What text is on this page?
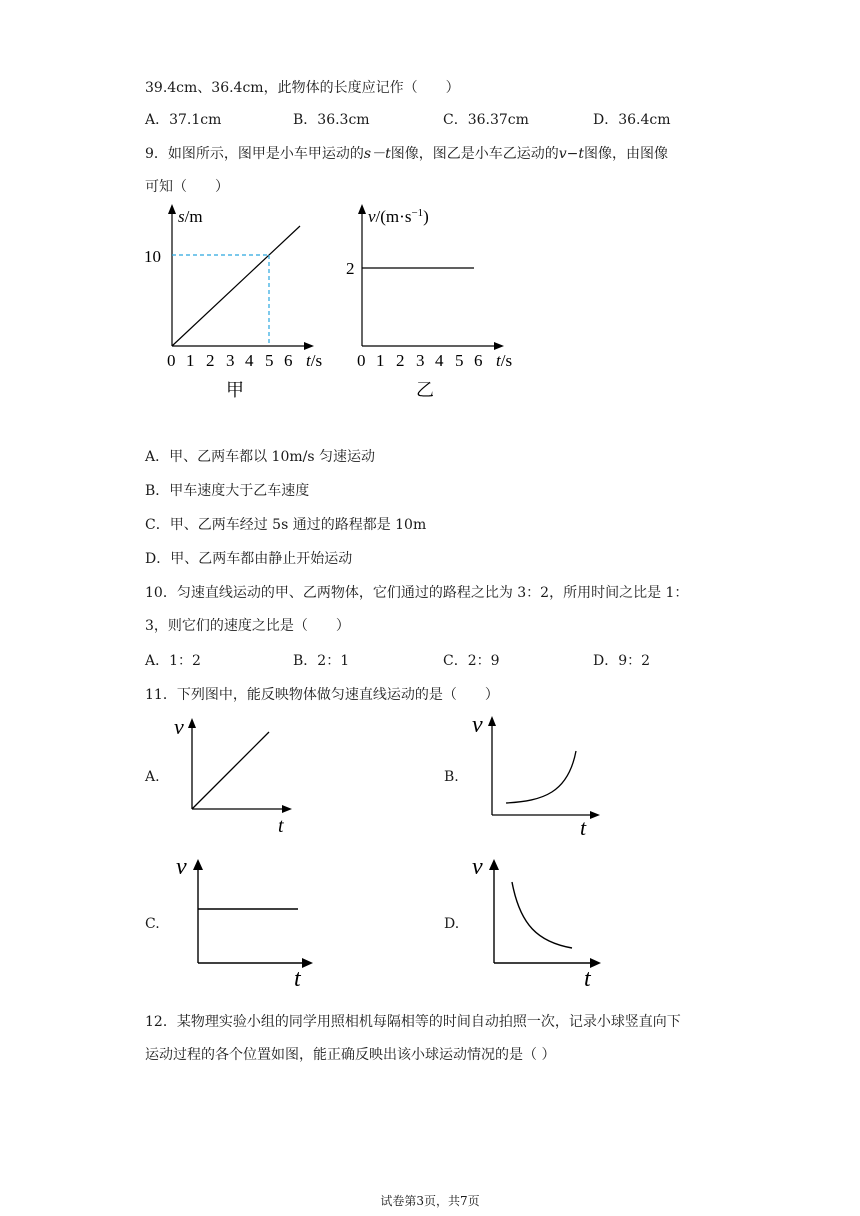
39.4cm、36.4cm，此物体的长度应记作（　　）
A．37.1cm	B．36.3cm	C．36.37cm	D．36.4cm
9．如图所示，图甲是小车甲运动的s－t图像，图乙是小车乙运动的v−t图像，由图像
可知（　　）
s/m
10
0 1 2 3 4 5 6 t/s
甲
$v/(m\cdot s^{-1})$
2
0 1 2 3 4 5 6 t/s
乙
A．甲、乙两车都以 10m/s 匀速运动
B．甲车速度大于乙车速度
C．甲、乙两车经过 5s 通过的路程都是 10m
D．甲、乙两车都由静止开始运动
10．匀速直线运动的甲、乙两物体，它们通过的路程之比为 3：2，所用时间之比是 1：
3，则它们的速度之比是（　　）
A．1：2	B．2：1	C．2：9	D．9：2
11．下列图中，能反映物体做匀速直线运动的是（　　）
A.
v
t
B.
v
t
C.
v
t
D.
v
t
12．某物理实验小组的同学用照相机每隔相等的时间自动拍照一次，记录小球竖直向下
运动过程的各个位置如图，能正确反映出该小球运动情况的是（ ）
试卷第3页，共7页
